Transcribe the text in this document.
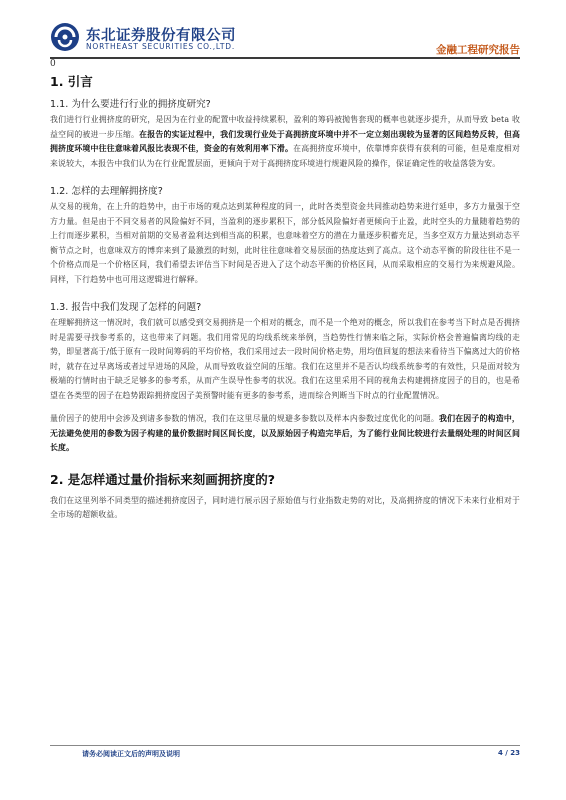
东北证券股份有限公司
NORTHEAST SECURITIES CO.,LTD.	金融工程研究报告
0
1. 引言
1.1. 为什么要进行行业的拥挤度研究?

我们进行行业拥挤度的研究，是因为在行业的配置中收益持续累积，盈利的筹码被抛售套现的概率也就逐步提升，从而导致 beta 收益空间的被进一步压缩。在报告的实证过程中，我们发现行业处于高拥挤度环境中并不一定立刻出现较为显著的区间趋势反转，但高拥挤度环境中往往意味着风报比表现不佳，资金的有效利用率下滑。在高拥挤度环境中，依靠博弈获得有获利的可能，但是难度相对来说较大，本报告中我们认为在行业配置层面，更倾向于对于高拥挤度环境进行规避风险的操作，保证确定性的收益落袋为安。

1.2. 怎样的去理解拥挤度?

从交易的视角，在上升的趋势中，由于市场的观点达到某种程度的同一，此时各类型资金共同推动趋势来进行延申，多方力量强于空方力量。但是由于不同交易者的风险偏好不同，当盈利的逐步累积下，部分低风险偏好者更倾向于止盈，此时空头的力量随着趋势的上行而逐步累积，当相对前期的交易者盈利达到相当高的积累，也意味着空方的潜在力量逐步积蓄充足，当多空双方力量达到动态平衡节点之时，也意味双方的博弈来到了最激烈的时刻，此时往往意味着交易层面的热度达到了高点。这个动态平衡的阶段往往不是一个价格点而是一个价格区间，我们希望去评估当下时间是否进入了这个动态平衡的价格区间，从而采取相应的交易行为来规避风险。同样，下行趋势中也可用这逻辑进行解释。

1.3. 报告中我们发现了怎样的问题?

在理解拥挤这一情况时，我们就可以感受到交易拥挤是一个相对的概念，而不是一个绝对的概念，所以我们在参考当下时点是否拥挤时是需要寻找参考系的，这也带来了问题。我们用常见的均线系统来举例，当趋势性行情来临之际，实际价格会普遍偏离均线的走势，即显著高于/低于原有一段时间筹码的平均价格，我们采用过去一段时间价格走势，用均值回复的想法来看待当下偏离过大的价格时，就存在过早离场或者过早进场的风险，从而导致收益空间的压缩。我们在这里并不是否认均线系统参考的有效性，只是面对较为极端的行情时由于缺乏足够多的参考系，从而产生误导性参考的状况。我们在这里采用不同的视角去构建拥挤度因子的目的，也是希望在各类型的因子在趋势跟踪拥挤度因子美预警时能有更多的参考系，进而综合判断当下时点的行业配置情况。

量价因子的使用中会涉及到诸多参数的情况，我们在这里尽量的规避多参数以及样本内参数过度优化的问题。我们在因子的构造中，无法避免使用的参数为因子构建的量价数据时间区间长度，以及原始因子构造完毕后，为了能行业间比较进行去量纲处理的时间区间长度。

2. 是怎样通过量价指标来刻画拥挤度的?

我们在这里列举不同类型的描述拥挤度因子，同时进行展示因子原始值与行业指数走势的对比，及高拥挤度的情况下未来行业相对于全市场的超额收益。

请务必阅读正文后的声明及说明	4 / 23
